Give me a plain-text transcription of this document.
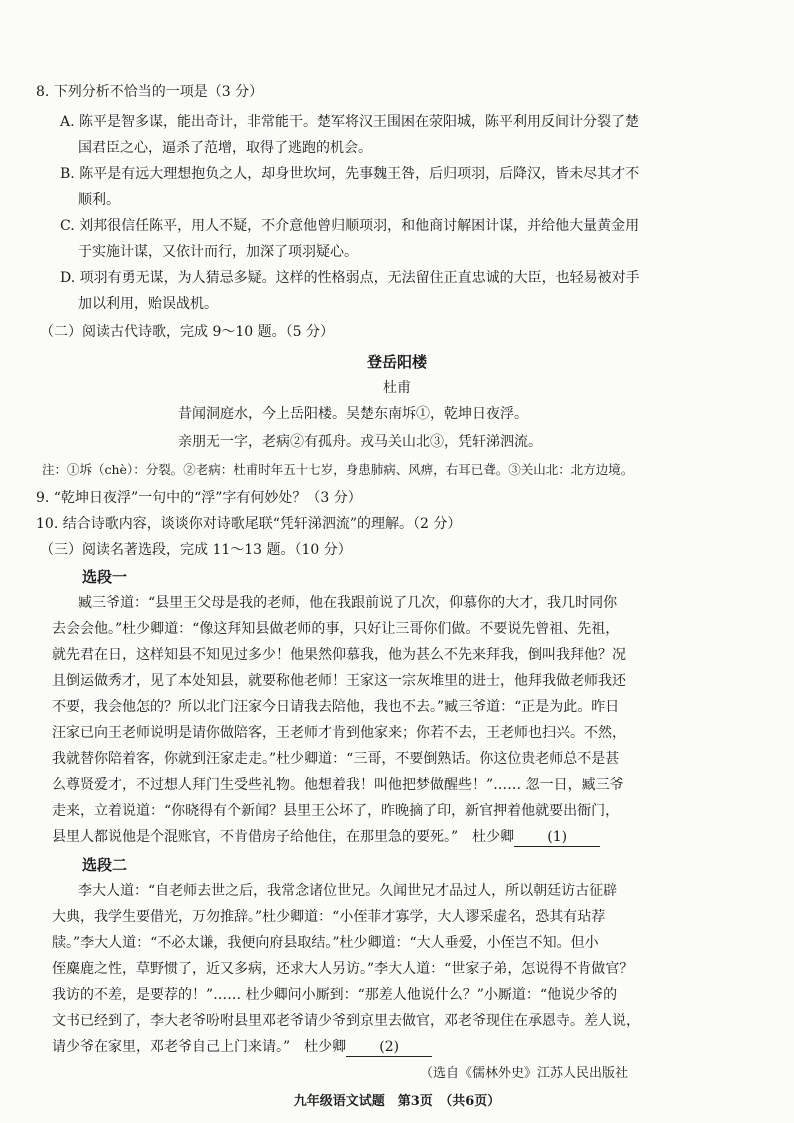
8. 下列分析不恰当的一项是（3 分）
A. 陈平是智多谋，能出奇计，非常能干。楚军将汉王围困在荥阳城，陈平利用反间计分裂了楚
国君臣之心，逼杀了范增，取得了逃跑的机会。
B. 陈平是有远大理想抱负之人，却身世坎坷，先事魏王咎，后归项羽，后降汉，皆未尽其才不
顺利。
C. 刘邦很信任陈平，用人不疑，不介意他曾归顺项羽，和他商讨解困计谋，并给他大量黄金用
于实施计谋，又依计而行，加深了项羽疑心。
D. 项羽有勇无谋，为人猜忌多疑。这样的性格弱点，无法留住正直忠诚的大臣，也轻易被对手
加以利用，贻误战机。
（二）阅读古代诗歌，完成 9～10 题。（5 分）
登岳阳楼
杜甫
昔闻洞庭水，今上岳阳楼。吴楚东南坼①，乾坤日夜浮。
亲朋无一字，老病②有孤舟。戎马关山北③，凭轩涕泗流。
注：①坼（chè）：分裂。②老病：杜甫时年五十七岁，身患肺病、风痹，右耳已聋。③关山北：北方边境。
9. “乾坤日夜浮”一句中的“浮”字有何妙处？（3 分）
10. 结合诗歌内容，谈谈你对诗歌尾联“凭轩涕泗流”的理解。（2 分）
（三）阅读名著选段，完成 11～13 题。（10 分）
选段一
臧三爷道：“县里王父母是我的老师，他在我跟前说了几次，仰慕你的大才，我几时同你
去会会他。”杜少卿道：“像这拜知县做老师的事，只好让三哥你们做。不要说先曾祖、先祖，
就先君在日，这样知县不知见过多少！他果然仰慕我，他为甚么不先来拜我，倒叫我拜他？况
且倒运做秀才，见了本处知县，就要称他老师！王家这一宗灰堆里的进士，他拜我做老师我还
不要，我会他怎的？所以北门汪家今日请我去陪他，我也不去。”臧三爷道：“正是为此。昨日
汪家已向王老师说明是请你做陪客，王老师才肯到他家来；你若不去，王老师也扫兴。不然，
我就替你陪着客，你就到汪家走走。”杜少卿道：“三哥，不要倒熟话。你这位贵老师总不是甚
么尊贤爱才，不过想人拜门生受些礼物。他想着我！叫他把梦做醒些！”…… 忽一日，臧三爷
走来，立着说道：“你晓得有个新闻？县里王公坏了，昨晚摘了印，新官押着他就要出衙门，
县里人都说他是个混账官，不肯借房子给他住，在那里急的要死。”　杜少卿 (1)
选段二
李大人道：“自老师去世之后，我常念诸位世兄。久闻世兄才品过人，所以朝廷访古征辟
大典，我学生要借光，万勿推辞。”杜少卿道：“小侄菲才寡学，大人谬采虚名，恐其有玷荐
牍。”李大人道：“不必太谦，我便向府县取结。”杜少卿道：“大人垂爱，小侄岂不知。但小
侄麋鹿之性，草野惯了，近又多病，还求大人另访。”李大人道：“世家子弟，怎说得不肯做官？
我访的不差，是要荐的！”…… 杜少卿问小厮到：“那差人他说什么？”小厮道：“他说少爷的
文书已经到了，李大老爷吩咐县里邓老爷请少爷到京里去做官，邓老爷现住在承恩寺。差人说，
请少爷在家里，邓老爷自己上门来请。”　杜少卿 (2)
（选自《儒林外史》江苏人民出版社
九年级语文试题　第3页　（共6页）
